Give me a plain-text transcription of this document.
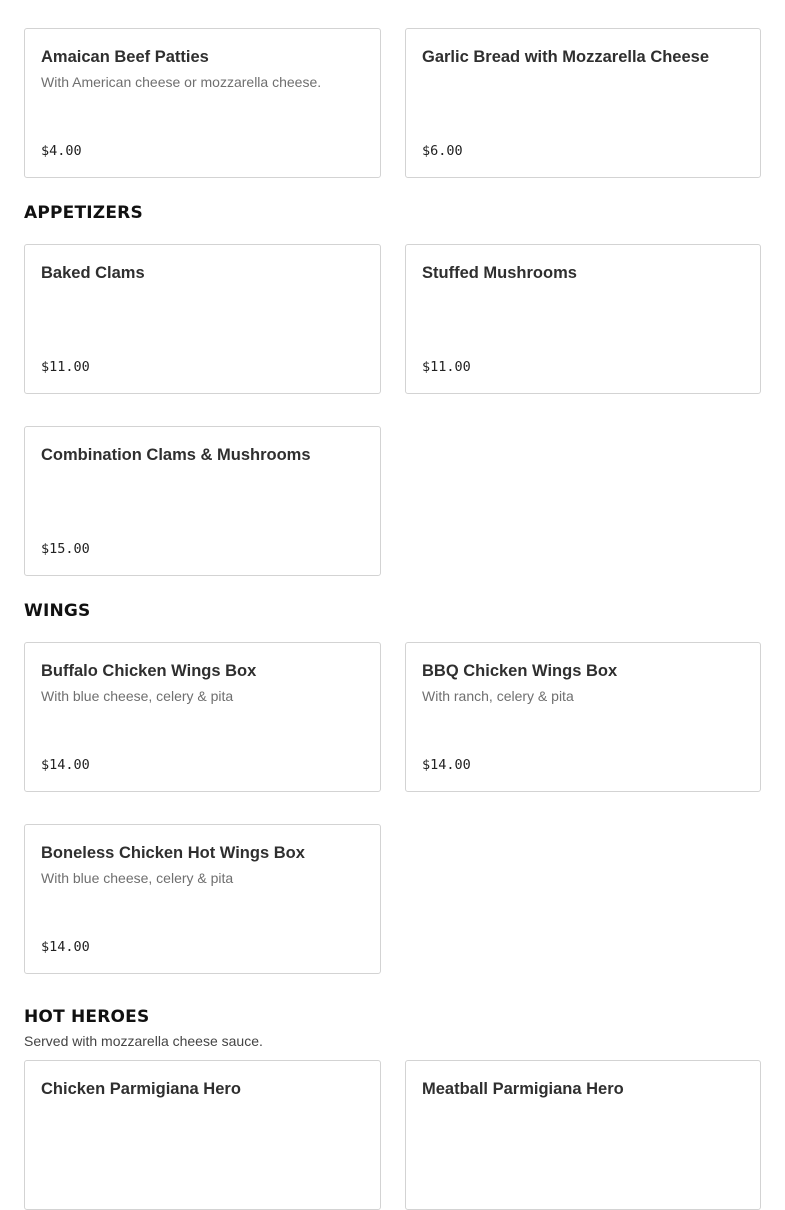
Amaican Beef Patties
With American cheese or mozzarella cheese.
$4.00
Garlic Bread with Mozzarella Cheese
$6.00
APPETIZERS
Baked Clams
$11.00
Stuffed Mushrooms
$11.00
Combination Clams & Mushrooms
$15.00
WINGS
Buffalo Chicken Wings Box
With blue cheese, celery & pita
$14.00
BBQ Chicken Wings Box
With ranch, celery & pita
$14.00
Boneless Chicken Hot Wings Box
With blue cheese, celery & pita
$14.00
HOT HEROES

Served with mozzarella cheese sauce.

Chicken Parmigiana Hero	Meatball Parmigiana Hero
